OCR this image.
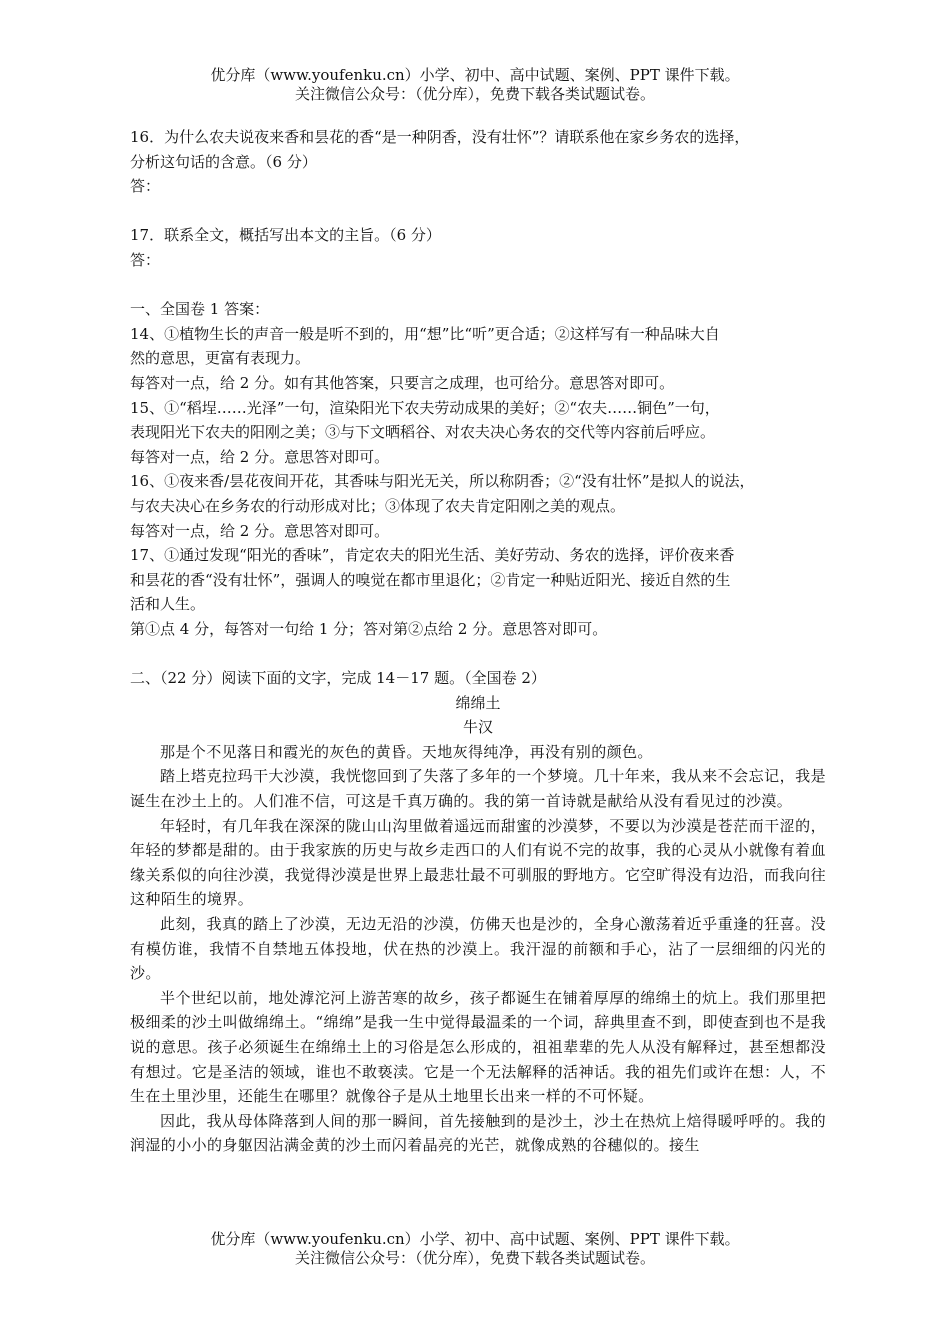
优分库（www.youfenku.cn）小学、初中、高中试题、案例、PPT 课件下载。
关注微信公众号：（优分库），免费下载各类试题试卷。

16．为什么农夫说夜来香和昙花的香“是一种阴香，没有壮怀”？请联系他在家乡务农的选择，

分析这句话的含意。（6 分）

答：

17．联系全文，概括写出本文的主旨。（6 分）

答：

一、全国卷 1 答案：

14、①植物生长的声音一般是听不到的，用“想”比“听”更合适；②这样写有一种品味大自

然的意思，更富有表现力。

每答对一点，给 2 分。如有其他答案，只要言之成理，也可给分。意思答对即可。

15、①“稻埕……光泽”一句，渲染阳光下农夫劳动成果的美好；②“农夫……铜色”一句，

表现阳光下农夫的阳刚之美；③与下文晒稻谷、对农夫决心务农的交代等内容前后呼应。

每答对一点，给 2 分。意思答对即可。

16、①夜来香/昙花夜间开花，其香味与阳光无关，所以称阴香；②“没有壮怀”是拟人的说法，

与农夫决心在乡务农的行动形成对比；③体现了农夫肯定阳刚之美的观点。

每答对一点，给 2 分。意思答对即可。

17、①通过发现“阳光的香味”，肯定农夫的阳光生活、美好劳动、务农的选择，评价夜来香

和昙花的香“没有壮怀”，强调人的嗅觉在都市里退化；②肯定一种贴近阳光、接近自然的生

活和人生。

第①点 4 分，每答对一句给 1 分；答对第②点给 2 分。意思答对即可。

二、（22 分）阅读下面的文字，完成 14－17 题。（全国卷 2）

绵绵土

牛汉

那是个不见落日和霞光的灰色的黄昏。天地灰得纯净，再没有别的颜色。

踏上塔克拉玛干大沙漠，我恍惚回到了失落了多年的一个梦境。几十年来，我从来不会忘记，我是诞生在沙土上的。人们准不信，可这是千真万确的。我的第一首诗就是献给从没有看见过的沙漠。

年轻时，有几年我在深深的陇山山沟里做着遥远而甜蜜的沙漠梦，不要以为沙漠是苍茫而干涩的，年轻的梦都是甜的。由于我家族的历史与故乡走西口的人们有说不完的故事，我的心灵从小就像有着血缘关系似的向往沙漠，我觉得沙漠是世界上最悲壮最不可驯服的野地方。它空旷得没有边沿，而我向往这种陌生的境界。

此刻，我真的踏上了沙漠，无边无沿的沙漠，仿佛天也是沙的，全身心激荡着近乎重逢的狂喜。没有模仿谁，我情不自禁地五体投地，伏在热的沙漠上。我汗湿的前额和手心，沾了一层细细的闪光的沙。

半个世纪以前，地处滹沱河上游苦寒的故乡，孩子都诞生在铺着厚厚的绵绵土的炕上。我们那里把极细柔的沙土叫做绵绵土。“绵绵”是我一生中觉得最温柔的一个词，辞典里查不到，即使查到也不是我说的意思。孩子必须诞生在绵绵土上的习俗是怎么形成的，祖祖辈辈的先人从没有解释过，甚至想都没有想过。它是圣洁的领域，谁也不敢亵渎。它是一个无法解释的活神话。我的祖先们或许在想：人，不生在土里沙里，还能生在哪里？就像谷子是从土地里长出来一样的不可怀疑。

因此，我从母体降落到人间的那一瞬间，首先接触到的是沙土，沙土在热炕上焙得暖呼呼的。我的润湿的小小的身躯因沾满金黄的沙土而闪着晶亮的光芒，就像成熟的谷穗似的。接生

优分库（www.youfenku.cn）小学、初中、高中试题、案例、PPT 课件下载。
关注微信公众号：（优分库），免费下载各类试题试卷。
